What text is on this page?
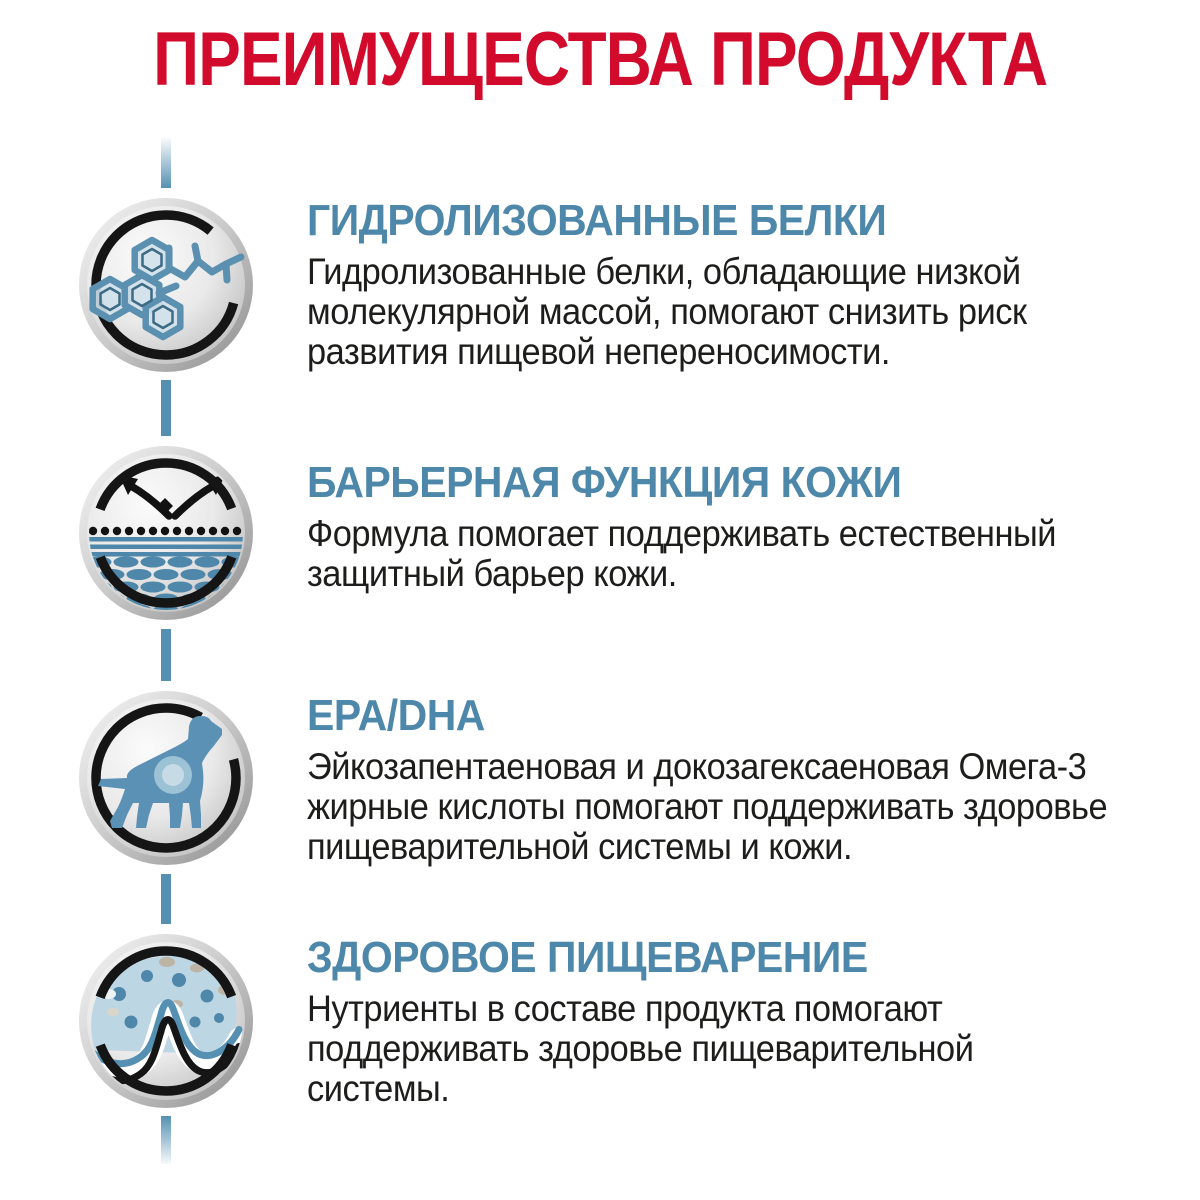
ПРЕИМУЩЕСТВА ПРОДУКТА
ГИДРОЛИЗОВАННЫЕ БЕЛКИ
Гидролизованные белки, обладающие низкой
молекулярной массой, помогают снизить риск
развития пищевой непереносимости.
БАРЬЕРНАЯ ФУНКЦИЯ КОЖИ
Формула помогает поддерживать естественный
защитный барьер кожи.
EPA/DHA
Эйкозапентаеновая и докозагексаеновая Омега-3
жирные кислоты помогают поддерживать здоровье
пищеварительной системы и кожи.
ЗДОРОВОЕ ПИЩЕВАРЕНИЕ
Нутриенты в составе продукта помогают
поддерживать здоровье пищеварительной
системы.
